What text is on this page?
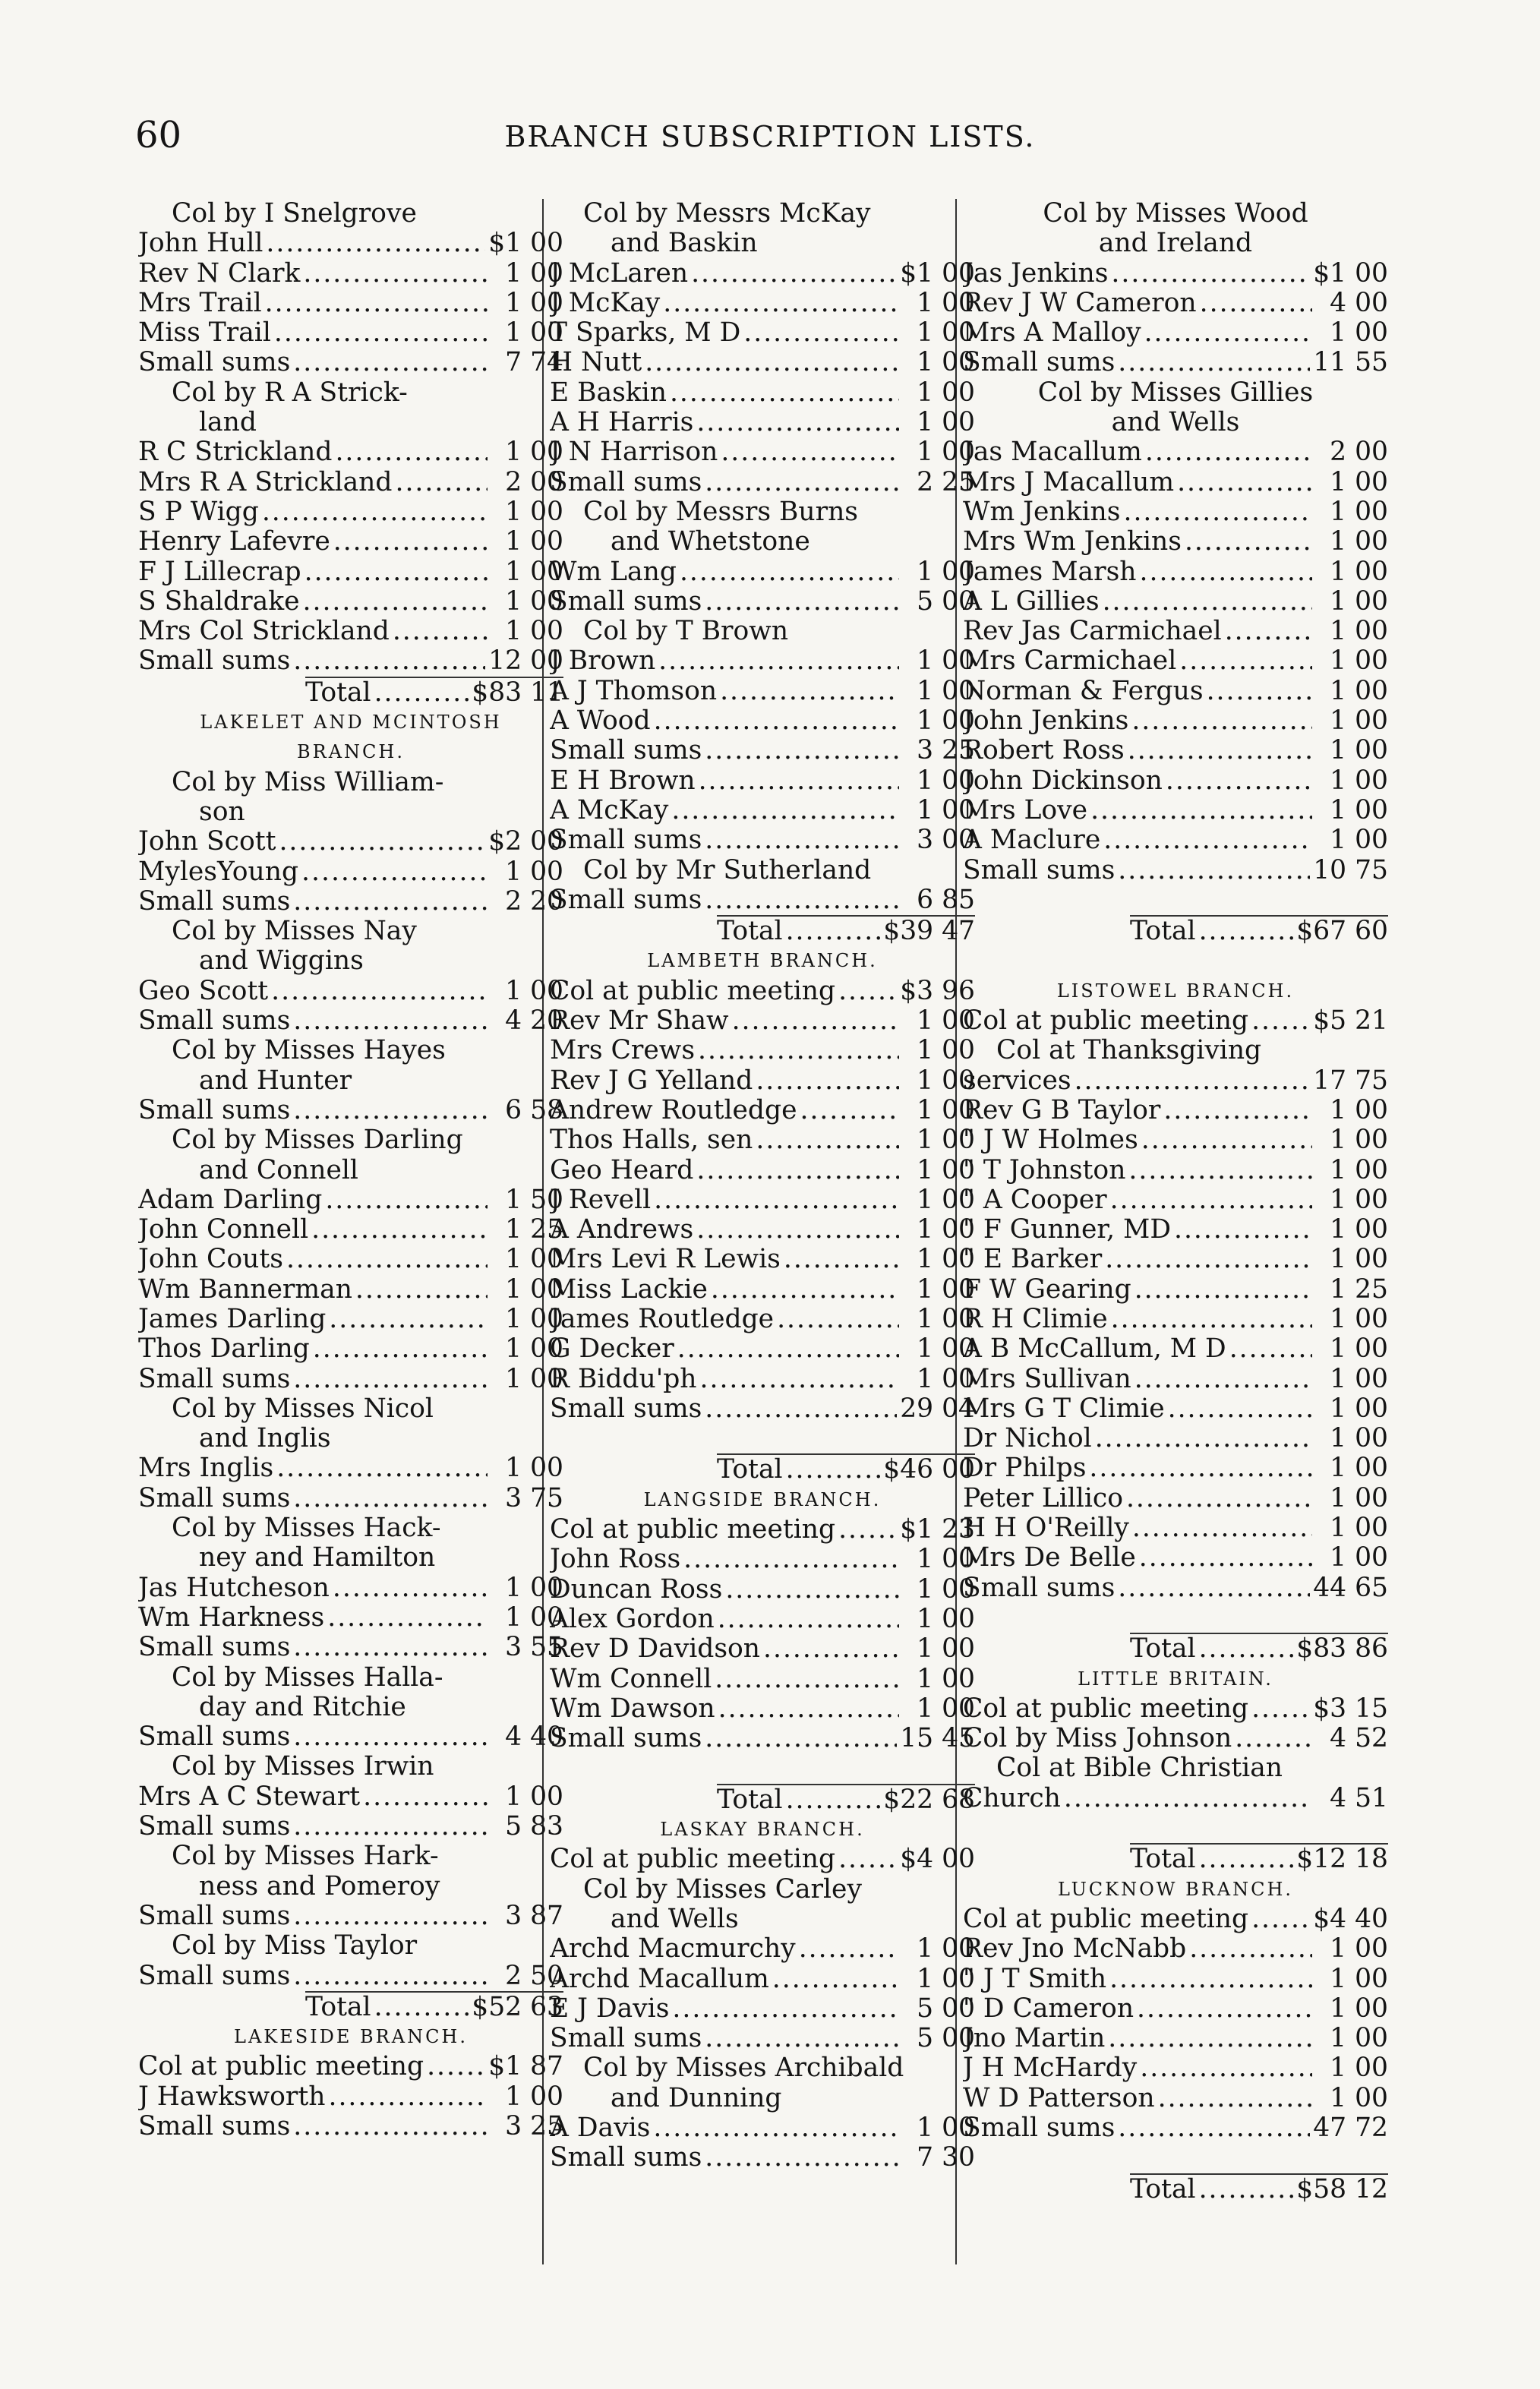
60	BRANCH SUBSCRIPTION LISTS.
Col by I Snelgrove
John Hull .....	$1 00
Rev N Clark .....	1 00
Mrs Trail .....	1 00
Miss Trail .....	1 00
Small sums .....	7 74
Col by R A Strick-
land
R C Strickland .....	1 00
Mrs R A Strickland .....	2 00
S P Wigg .....	1 00
Henry Lafevre .....	1 00
F J Lillecrap .....	1 00
S Shaldrake .....	1 00
Mrs Col Strickland .....	1 00
Small sums .....	12 00
Total .....	$83 11
LAKELET AND MCINTOSH
BRANCH.
Col by Miss William-
son
John Scott .....	$2 00
MylesYoung .....	1 00
Small sums .....	2 20
Col by Misses Nay
and Wiggins
Geo Scott .....	1 00
Small sums .....	4 20
Col by Misses Hayes
and Hunter
Small sums .....	6 58
Col by Misses Darling
and Connell
Adam Darling .....	1 50
John Connell .....	1 25
John Couts .....	1 00
Wm Bannerman .....	1 00
James Darling .....	1 00
Thos Darling .....	1 00
Small sums .....	1 00
Col by Misses Nicol
and Inglis
Mrs Inglis .....	1 00
Small sums .....	3 75
Col by Misses Hack-
ney and Hamilton
Jas Hutcheson .....	1 00
Wm Harkness .....	1 00
Small sums .....	3 55
Col by Misses Halla-
day and Ritchie
Small sums .....	4 40
Col by Misses Irwin
Mrs A C Stewart .....	1 00
Small sums .....	5 83
Col by Misses Hark-
ness and Pomeroy
Small sums .....	3 87
Col by Miss Taylor
Small sums .....	2 50
Total .....	$52 63
LAKESIDE BRANCH.
Col at public meeting ..... $1 87
J Hawksworth .....	1 00
Small sums .....	3 25
Col by Messrs McKay
and Baskin
J McLaren .....	$1 00
J McKay .....	1 00
T Sparks, M D .....	1 00
H Nutt .....	1 00
E Baskin .....	1 00
A H Harris .....	1 00
J N Harrison .....	1 00
Small sums .....	2 25
Col by Messrs Burns
and Whetstone
Wm Lang .....	1 00
Small sums .....	5 00
Col by T Brown
J Brown .....	1 00
A J Thomson .....	1 00
A Wood .....	1 00
Small sums .....	3 25
E H Brown .....	1 00
A McKay .....	1 00
Small sums .....	3 00
Col by Mr Sutherland
Small sums .....	6 85
Total .....	$39 47
LAMBETH BRANCH.
Col at public meeting ..... $3 96
Rev Mr Shaw .....	1 00
Mrs Crews .....	1 00
Rev J G Yelland .....	1 00
Andrew Routledge .....	1 00
Thos Halls, sen .....	1 00
Geo Heard .....	1 00
J Revell .....	1 00
A Andrews .....	1 00
Mrs Levi R Lewis .....	1 00
Miss Lackie .....	1 00
James Routledge .....	1 00
G Decker .....	1 00
R Biddu'ph .....	1 00
Small sums .....	29 04
Total .....	$46 00
LANGSIDE BRANCH.
Col at public meeting ..... $1 23
John Ross .....	1 00
Duncan Ross .....	1 00
Alex Gordon .....	1 00
Rev D Davidson .....	1 00
Wm Connell .....	1 00
Wm Dawson .....	1 00
Small sums .....	15 45
Total .....	$22 68
LASKAY BRANCH.
Col at public meeting ..... $4 00
Col by Misses Carley
and Wells
Archd Macmurchy .....	1 00
Archd Macallum .....	1 00
E J Davis .....	5 00
Small sums .....	5 00
Col by Misses Archibald
and Dunning
A Davis .....	1 00
Small sums .....	7 30
Col by Misses Wood
and Ireland
Jas Jenkins .....	$1 00
Rev J W Cameron .....	4 00
Mrs A Malloy .....	1 00
Small sums .....	11 55
Col by Misses Gillies
and Wells
Jas Macallum .....	2 00
Mrs J Macallum .....	1 00
Wm Jenkins .....	1 00
Mrs Wm Jenkins .....	1 00
James Marsh .....	1 00
A L Gillies .....	1 00
Rev Jas Carmichael .....	1 00
Mrs Carmichael .....	1 00
Norman & Fergus .....	1 00
John Jenkins .....	1 00
Robert Ross .....	1 00
John Dickinson .....	1 00
Mrs Love .....	1 00
A Maclure .....	1 00
Small sums .....	10 75
Total .....	$67 60
LISTOWEL BRANCH.
Col at public meeting ..... $5 21
Col at Thanksgiving
services .....	17 75
Rev G B Taylor .....	1 00
" J W Holmes .....	1 00
" T Johnston .....	1 00
" A Cooper .....	1 00
" F Gunner, MD .....	1 00
" E Barker .....	1 00
F W Gearing .....	1 25
R H Climie .....	1 00
A B McCallum, M D .....	1 00
Mrs Sullivan .....	1 00
Mrs G T Climie .....	1 00
Dr Nichol .....	1 00
Dr Philps .....	1 00
Peter Lillico .....	1 00
H H O'Reilly .....	1 00
Mrs De Belle .....	1 00
Small sums .....	44 65
Total .....	$83 86
LITTLE BRITAIN.
Col at public meeting ..... $3 15
Col by Miss Johnson .....	4 52
Col at Bible Christian
Church .....	4 51
Total .....	$12 18
LUCKNOW BRANCH.
Col at public meeting ..... $4 40
Rev Jno McNabb .....	1 00
" J T Smith .....	1 00
" D Cameron .....	1 00
Jno Martin .....	1 00
J H McHardy .....	1 00
W D Patterson .....	1 00
Small sums .....	47 72
Total .....	$58 12
